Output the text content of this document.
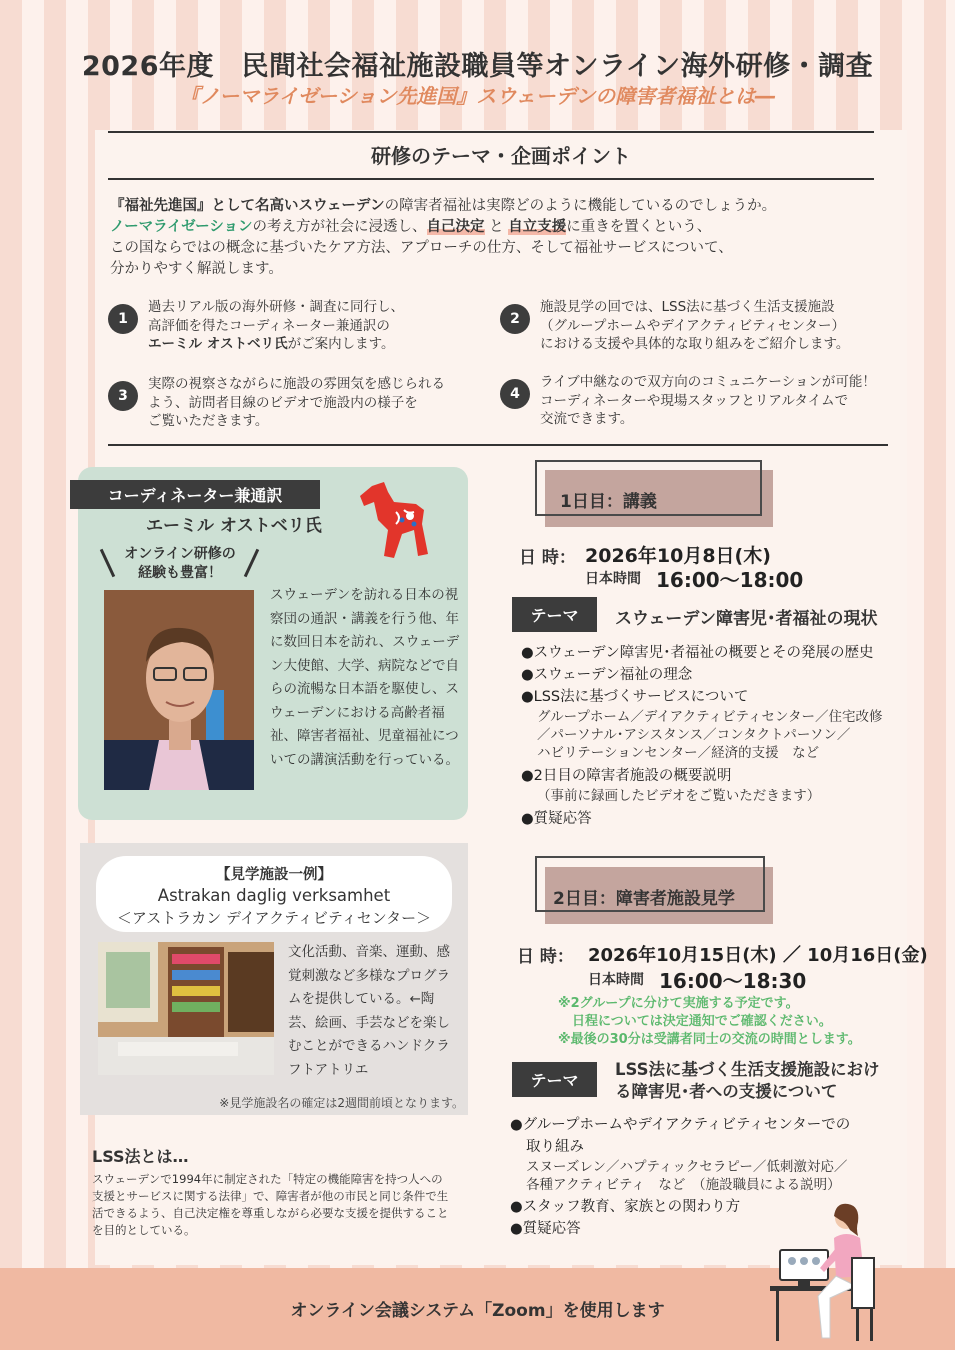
2026年度　民間社会福祉施設職員等オンライン海外研修・調査
『ノーマライゼーション先進国』スウェーデンの障害者福祉とは―
研修のテーマ・企画ポイント
『福祉先進国』として名高いスウェーデンの障害者福祉は実際どのように機能しているのでしょうか。
ノーマライゼーションの考え方が社会に浸透し、自己決定 と 自立支援に重きを置くという、
この国ならではの概念に基づいたケア方法、アプローチの仕方、そして福祉サービスについて、
分かりやすく解説します。
1
過去リアル版の海外研修・調査に同行し、
高評価を得たコーディネーター兼通訳の
エーミル オストベリ氏がご案内します。
2
施設見学の回では、LSS法に基づく生活支援施設
（グループホームやデイアクティビティセンター）
における支援や具体的な取り組みをご紹介します。
3
実際の視察さながらに施設の雰囲気を感じられる
よう、訪問者目線のビデオで施設内の様子を
ご覧いただきます。
4
ライブ中継なので双方向のコミュニケーションが可能！
コーディネーターや現場スタッフとリアルタイムで
交流できます。
コーディネーター兼通訳
エーミル オストベリ氏
オンライン研修の
経験も豊富！
スウェーデンを訪れる日本の視察団の通訳・講義を行う他、年に数回日本を訪れ、スウェーデン大使館、大学、病院などで自らの流暢な日本語を駆使し、スウェーデンにおける高齢者福祉、障害者福祉、児童福祉についての講演活動を行っている。
【見学施設一例】
Astrakan daglig verksamhet
＜アストラカン デイアクティビティセンター＞
文化活動、音楽、運動、感覚刺激など多様なプログラムを提供している。←陶芸、絵画、手芸などを楽しむことができるハンドクラフトアトリエ
※見学施設名の確定は2週間前頃となります。
LSS法とは…
スウェーデンで1994年に制定された「特定の機能障害を持つ人への支援とサービスに関する法律」で、障害者が他の市民と同じ条件で生活できるよう、自己決定権を尊重しながら必要な支援を提供することを目的としている。
1日目：講義
日 時： 2026年10月8日(木)
日本時間 16:00〜18:00
テーマ	スウェーデン障害児･者福祉の現状
●スウェーデン障害児･者福祉の概要とその発展の歴史
●スウェーデン福祉の理念
●LSS法に基づくサービスについて
グループホーム／デイアクティビティセンター／住宅改修
／パーソナル･アシスタンス／コンタクトパーソン／
ハビリテーションセンター／経済的支援　など
●2日目の障害者施設の概要説明
（事前に録画したビデオをご覧いただきます）
●質疑応答
2日目：障害者施設見学
日 時： 2026年10月15日(木) ／ 10月16日(金)
日本時間 16:00〜18:30
※2グループに分けて実施する予定です。
日程については決定通知でご確認ください。
※最後の30分は受講者同士の交流の時間とします。
テーマ
LSS法に基づく生活支援施設におけ
る障害児･者への支援について
●グループホームやデイアクティビティセンターでの
取り組み
スヌーズレン／ハプティックセラピー／低刺激対応／
各種アクティビティ　など　（施設職員による説明）
●スタッフ教育、家族との関わり方
●質疑応答
オンライン会議システム「Zoom」を使用します
